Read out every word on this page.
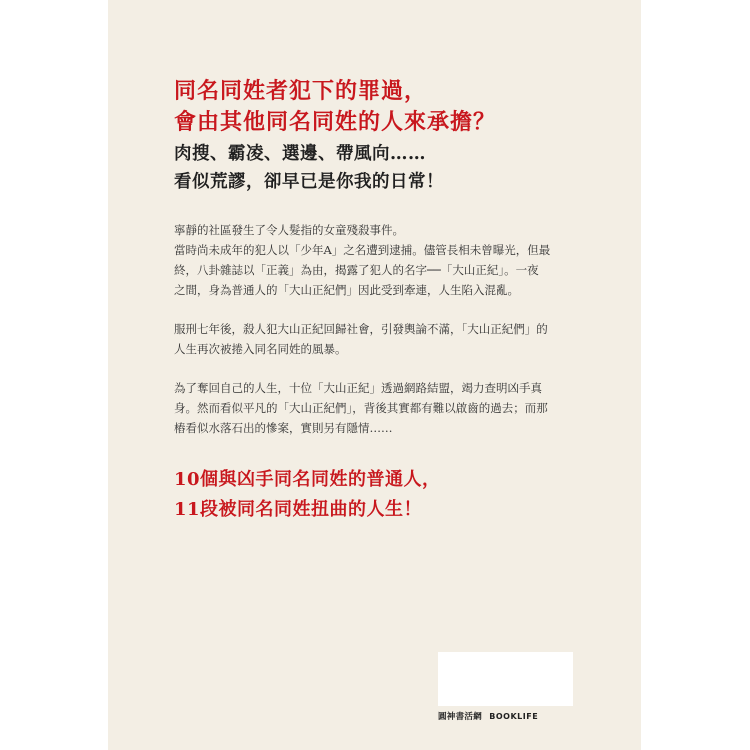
同名同姓者犯下的罪過，
會由其他同名同姓的人來承擔？
肉搜、霸凌、選邊、帶風向……
看似荒謬，卻早已是你我的日常！
寧靜的社區發生了令人髮指的女童殘殺事件。
當時尚未成年的犯人以「少年A」之名遭到逮捕。儘管長相未曾曝光，但最
終，八卦雜誌以「正義」為由，揭露了犯人的名字──「大山正紀」。一夜
之間，身為普通人的「大山正紀們」因此受到牽連，人生陷入混亂。
服刑七年後，殺人犯大山正紀回歸社會，引發輿論不滿，「大山正紀們」的
人生再次被捲入同名同姓的風暴。
為了奪回自己的人生，十位「大山正紀」透過網路結盟，竭力查明凶手真
身。然而看似平凡的「大山正紀們」，背後其實都有難以啟齒的過去；而那
樁看似水落石出的慘案，實則另有隱情……
10個與凶手同名同姓的普通人，
11段被同名同姓扭曲的人生！
圓神書活網 BOOKLIFE
